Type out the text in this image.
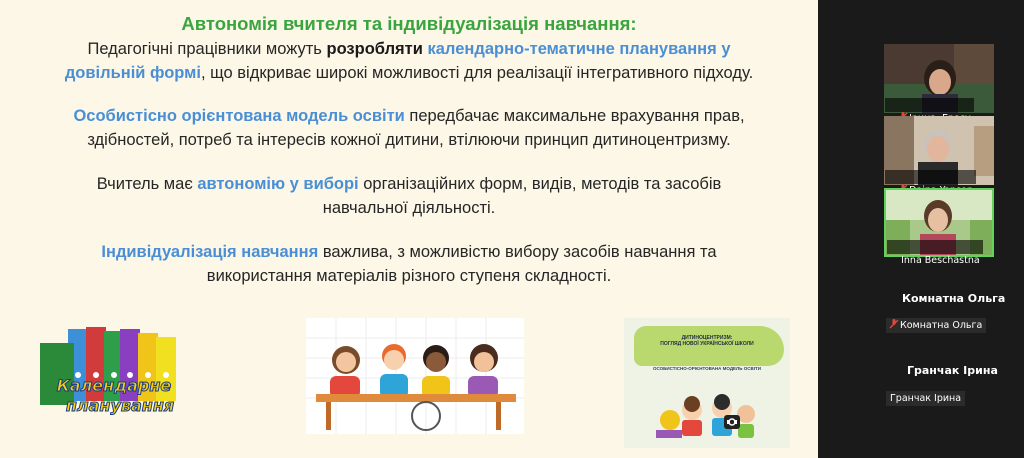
Автономія вчителя та індивідуалізація навчання:
Педагогічні працівники можуть розробляти календарно-тематичне планування у
довільній формі, що відкриває широкі можливості для реалізації інтегративного підходу.
Особистісно орієнтована модель освіти передбачає максимальне врахування прав,
здібностей, потреб та інтересів кожної дитини, втілюючи принцип дитиноцентризму.
Вчитель має автономію у виборі організаційних форм, видів, методів та засобів
навчальної діяльності.
Індивідуалізація навчання важлива, з можливістю вибору засобів навчання та
використання матеріалів різного ступеня складності.
Календарне
планування
ДИТИНОЦЕНТРИЗМ:
ПОГЛЯД НОВОЇ УКРАЇНСЬКОЇ ШКОЛИ
ОСОБИСТІСНО-ОРІЄНТОВАНА МОДЕЛЬ ОСВІТИ

Inna Beschastna

Комнатна Ольга
Комнатна Ольга
Гранчак Ірина
Гранчак Ірина
